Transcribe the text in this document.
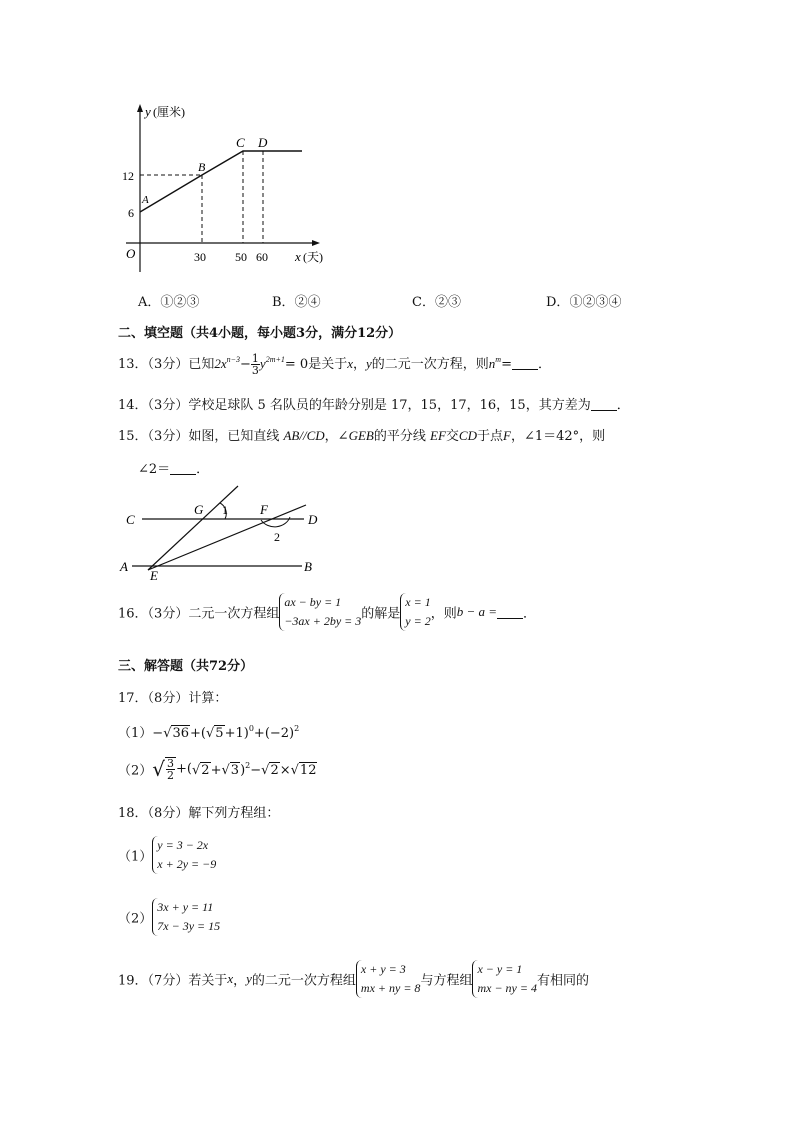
y (厘米)
x (天)
O
12
6
30 50 60
A
B
C D
A．①②③	B．②④	C．②③	D．①②③④
二、填空题（共4小题，每小题3分，满分12分）
13．（3分）已知$2x^{n-3}- \frac{1}{3} y^{2m+1}= 0$是关于x，y的二元一次方程，则$n^m=$ ．
14．（3分）学校足球队 5 名队员的年龄分别是 17，15，17，16，15，其方差为 ．
15．（3分）如图，已知直线 AB//CD，∠GEB的平分线 EF交CD于点F，∠1＝42°，则
∠2＝ ．
C
G 1 F
D
2
A
E
B
16．（3分）二元一次方程组ax − by = 1
−3ax + 2by = 3的解是x = 1
y = 2，则b − a = ．
三、解答题（共72分）
17．（8分）计算：
$(1)-√36+(√5+1)^0+(-2)^2$
$(2)√ \frac{3}{2} +(√2+√3)^2-√2\times√12$
18．（8分）解下列方程组：
（1）y = 3 − 2x
x + 2y = −9
（2）3x + y = 11
7x − 3y = 15
19．（7分）若关于x，y的二元一次方程组x + y = 3
mx + ny = 8与方程组x − y = 1
mx − ny = 4有相同的
